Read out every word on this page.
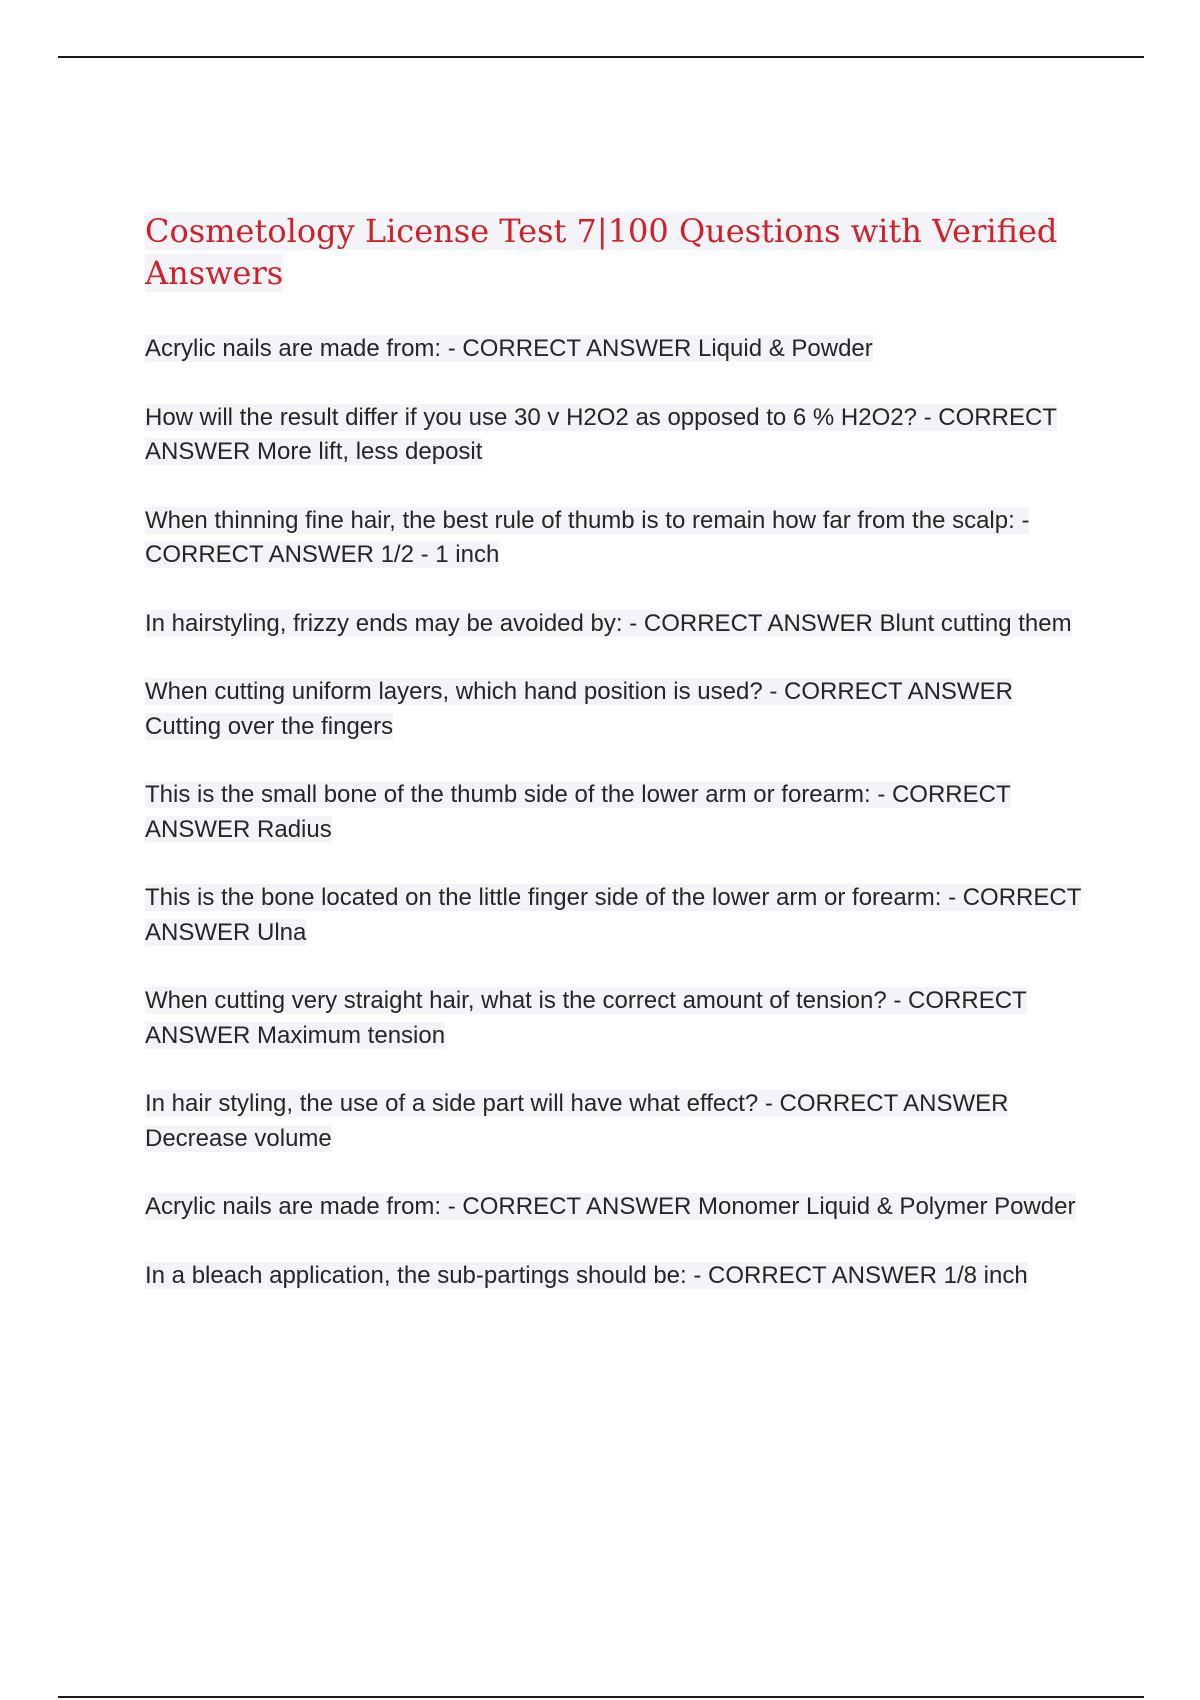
Cosmetology License Test 7|100 Questions with Verified Answers
Acrylic nails are made from: - CORRECT ANSWER Liquid & Powder
How will the result differ if you use 30 v H2O2 as opposed to 6 % H2O2? - CORRECT ANSWER More lift, less deposit
When thinning fine hair, the best rule of thumb is to remain how far from the scalp: - CORRECT ANSWER 1/2 - 1 inch
In hairstyling, frizzy ends may be avoided by: - CORRECT ANSWER Blunt cutting them
When cutting uniform layers, which hand position is used? - CORRECT ANSWER Cutting over the fingers
This is the small bone of the thumb side of the lower arm or forearm: - CORRECT ANSWER Radius
This is the bone located on the little finger side of the lower arm or forearm: - CORRECT ANSWER Ulna
When cutting very straight hair, what is the correct amount of tension? - CORRECT ANSWER Maximum tension
In hair styling, the use of a side part will have what effect? - CORRECT ANSWER Decrease volume
Acrylic nails are made from: - CORRECT ANSWER Monomer Liquid & Polymer Powder
In a bleach application, the sub-partings should be: - CORRECT ANSWER 1/8 inch
